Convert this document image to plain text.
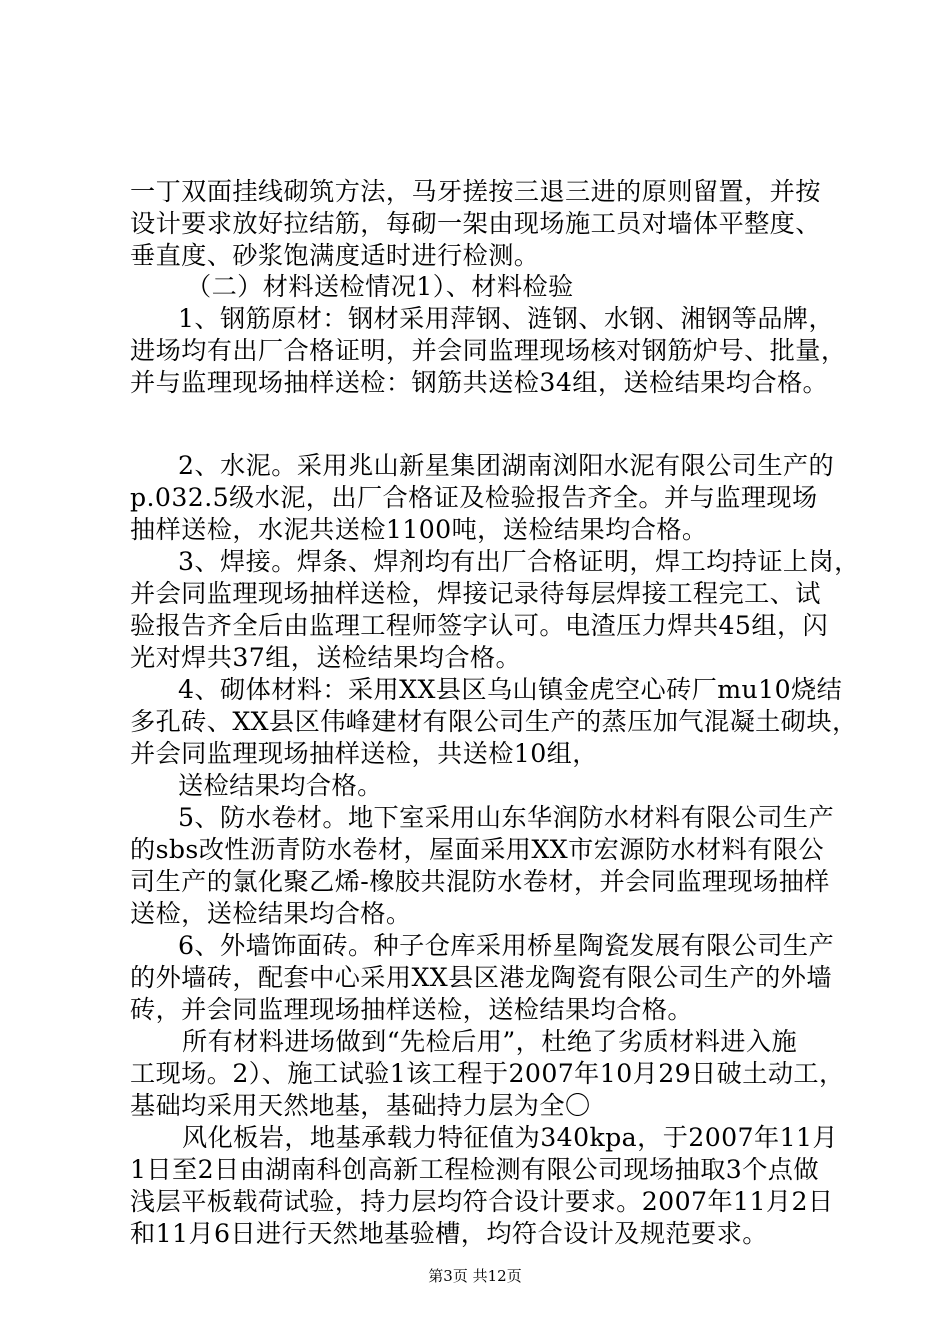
一丁双面挂线砌筑方法，马牙搓按三退三进的原则留置，并按
设计要求放好拉结筋，每砌一架由现场施工员对墙体平整度、
垂直度、砂浆饱满度适时进行检测。
（二）材料送检情况1）、材料检验
1、钢筋原材：钢材采用萍钢、涟钢、水钢、湘钢等品牌，
进场均有出厂合格证明，并会同监理现场核对钢筋炉号、批量，
并与监理现场抽样送检：钢筋共送检34组，送检结果均合格。
2、水泥。采用兆山新星集团湖南浏阳水泥有限公司生产的
p.032.5级水泥，出厂合格证及检验报告齐全。并与监理现场
抽样送检，水泥共送检1100吨，送检结果均合格。
3、焊接。焊条、焊剂均有出厂合格证明，焊工均持证上岗，
并会同监理现场抽样送检，焊接记录待每层焊接工程完工、试
验报告齐全后由监理工程师签字认可。电渣压力焊共45组，闪
光对焊共37组，送检结果均合格。
4、砌体材料：采用XX县区乌山镇金虎空心砖厂mu10烧结
多孔砖、XX县区伟峰建材有限公司生产的蒸压加气混凝土砌块，
并会同监理现场抽样送检，共送检10组，
送检结果均合格。
5、防水卷材。地下室采用山东华润防水材料有限公司生产
的sbs改性沥青防水卷材，屋面采用XX市宏源防水材料有限公
司生产的氯化聚乙烯-橡胶共混防水卷材，并会同监理现场抽样
送检，送检结果均合格。
6、外墙饰面砖。种子仓库采用桥星陶瓷发展有限公司生产
的外墙砖，配套中心采用XX县区港龙陶瓷有限公司生产的外墙
砖，并会同监理现场抽样送检，送检结果均合格。
所有材料进场做到“先检后用”，杜绝了劣质材料进入施
工现场。2）、施工试验1该工程于2007年10月29日破土动工，
基础均采用天然地基，基础持力层为全〇
风化板岩，地基承载力特征值为340kpa，于2007年11月
1日至2日由湖南科创高新工程检测有限公司现场抽取3个点做
浅层平板载荷试验，持力层均符合设计要求。2007年11月2日
和11月6日进行天然地基验槽，均符合设计及规范要求。
第3页 共12页
